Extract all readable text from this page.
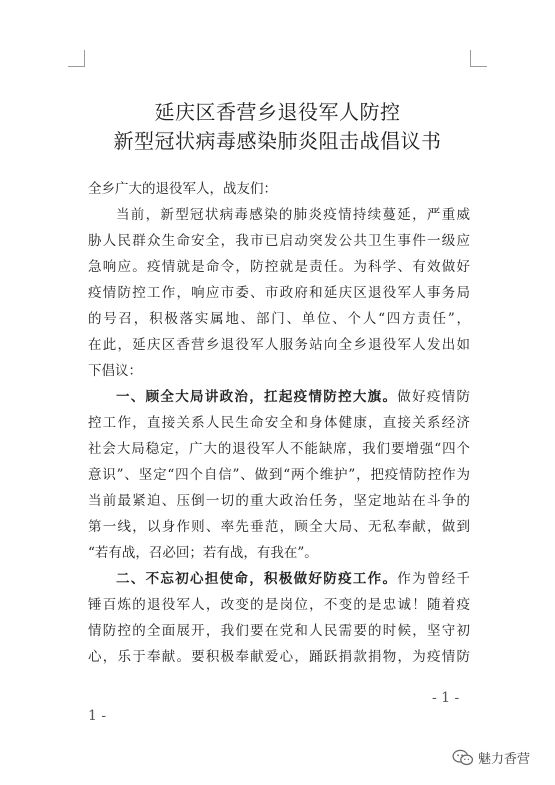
延庆区香营乡退役军人防控
新型冠状病毒感染肺炎阻击战倡议书
全乡广大的退役军人，战友们：
当前，新型冠状病毒感染的肺炎疫情持续蔓延，严重威
胁人民群众生命安全，我市已启动突发公共卫生事件一级应
急响应。疫情就是命令，防控就是责任。为科学、有效做好
疫情防控工作，响应市委、市政府和延庆区退役军人事务局
的号召，积极落实属地、部门、单位、个人“四方责任”，
在此，延庆区香营乡退役军人服务站向全乡退役军人发出如
下倡议：
一、顾全大局讲政治，扛起疫情防控大旗。做好疫情防
控工作，直接关系人民生命安全和身体健康，直接关系经济
社会大局稳定，广大的退役军人不能缺席，我们要增强“四个
意识”、坚定“四个自信”、做到“两个维护”，把疫情防控作为
当前最紧迫、压倒一切的重大政治任务，坚定地站在斗争的
第一线，以身作则、率先垂范，顾全大局、无私奉献，做到
“若有战，召必回；若有战，有我在”。
二、不忘初心担使命，积极做好防疫工作。作为曾经千
锤百炼的退役军人，改变的是岗位，不变的是忠诚！随着疫
情防控的全面展开，我们要在党和人民需要的时候，坚守初
心，乐于奉献。要积极奉献爱心，踊跃捐款捐物，为疫情防
- 1 -
1 -
魅力香营
